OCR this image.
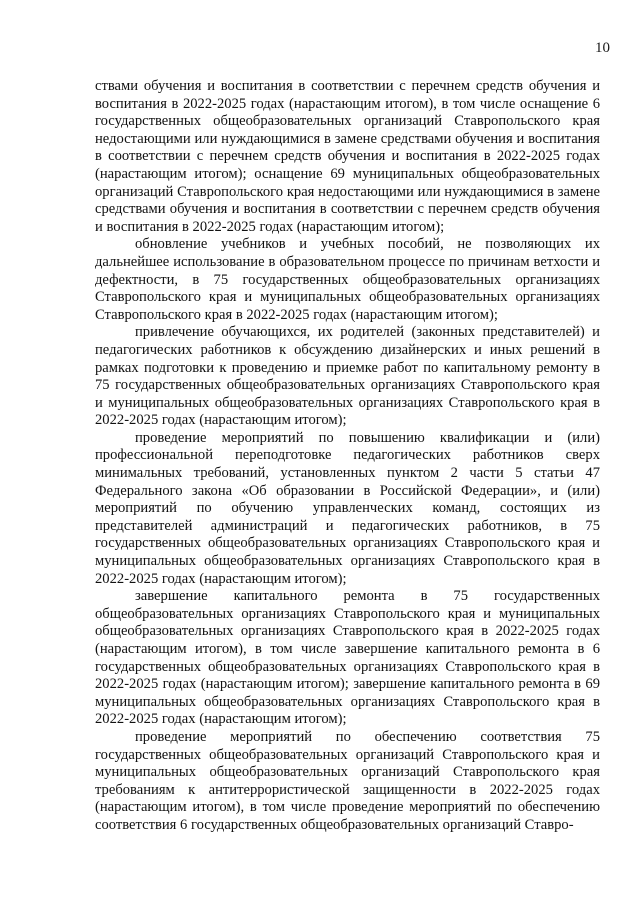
10

ствами обучения и воспитания в соответствии с перечнем средств обучения и воспитания в 2022-2025 годах (нарастающим итогом), в том числе оснащение 6 государственных общеобразовательных организаций Ставропольского края недостающими или нуждающимися в замене средствами обучения и воспитания в соответствии с перечнем средств обучения и воспитания в 2022-2025 годах (нарастающим итогом); оснащение 69 муниципальных общеобразовательных организаций Ставропольского края недостающими или нуждающимися в замене средствами обучения и воспитания в соответствии с перечнем средств обучения и воспитания в 2022-2025 годах (нарастающим итогом);

обновление учебников и учебных пособий, не позволяющих их дальнейшее использование в образовательном процессе по причинам ветхости и дефектности, в 75 государственных общеобразовательных организациях Ставропольского края и муниципальных общеобразовательных организациях Ставропольского края в 2022-2025 годах (нарастающим итогом);

привлечение обучающихся, их родителей (законных представителей) и педагогических работников к обсуждению дизайнерских и иных решений в рамках подготовки к проведению и приемке работ по капитальному ремонту в 75 государственных общеобразовательных организациях Ставропольского края и муниципальных общеобразовательных организациях Ставропольского края в 2022-2025 годах (нарастающим итогом);

проведение мероприятий по повышению квалификации и (или) профессиональной переподготовке педагогических работников сверх минимальных требований, установленных пунктом 2 части 5 статьи 47 Федерального закона «Об образовании в Российской Федерации», и (или) мероприятий по обучению управленческих команд, состоящих из представителей администраций и педагогических работников, в 75 государственных общеобразовательных организациях Ставропольского края и муниципальных общеобразовательных организациях Ставропольского края в 2022-2025 годах (нарастающим итогом);

завершение капитального ремонта в 75 государственных общеобразовательных организациях Ставропольского края и муниципальных общеобразовательных организациях Ставропольского края в 2022-2025 годах (нарастающим итогом), в том числе завершение капитального ремонта в 6 государственных общеобразовательных организациях Ставропольского края в 2022-2025 годах (нарастающим итогом); завершение капитального ремонта в 69 муниципальных общеобразовательных организациях Ставропольского края в 2022-2025 годах (нарастающим итогом);

проведение мероприятий по обеспечению соответствия 75 государственных общеобразовательных организаций Ставропольского края и муниципальных общеобразовательных организаций Ставропольского края требованиям к антитеррористической защищенности в 2022-2025 годах (нарастающим итогом), в том числе проведение мероприятий по обеспечению соответствия 6 государственных общеобразовательных организаций Ставро-
